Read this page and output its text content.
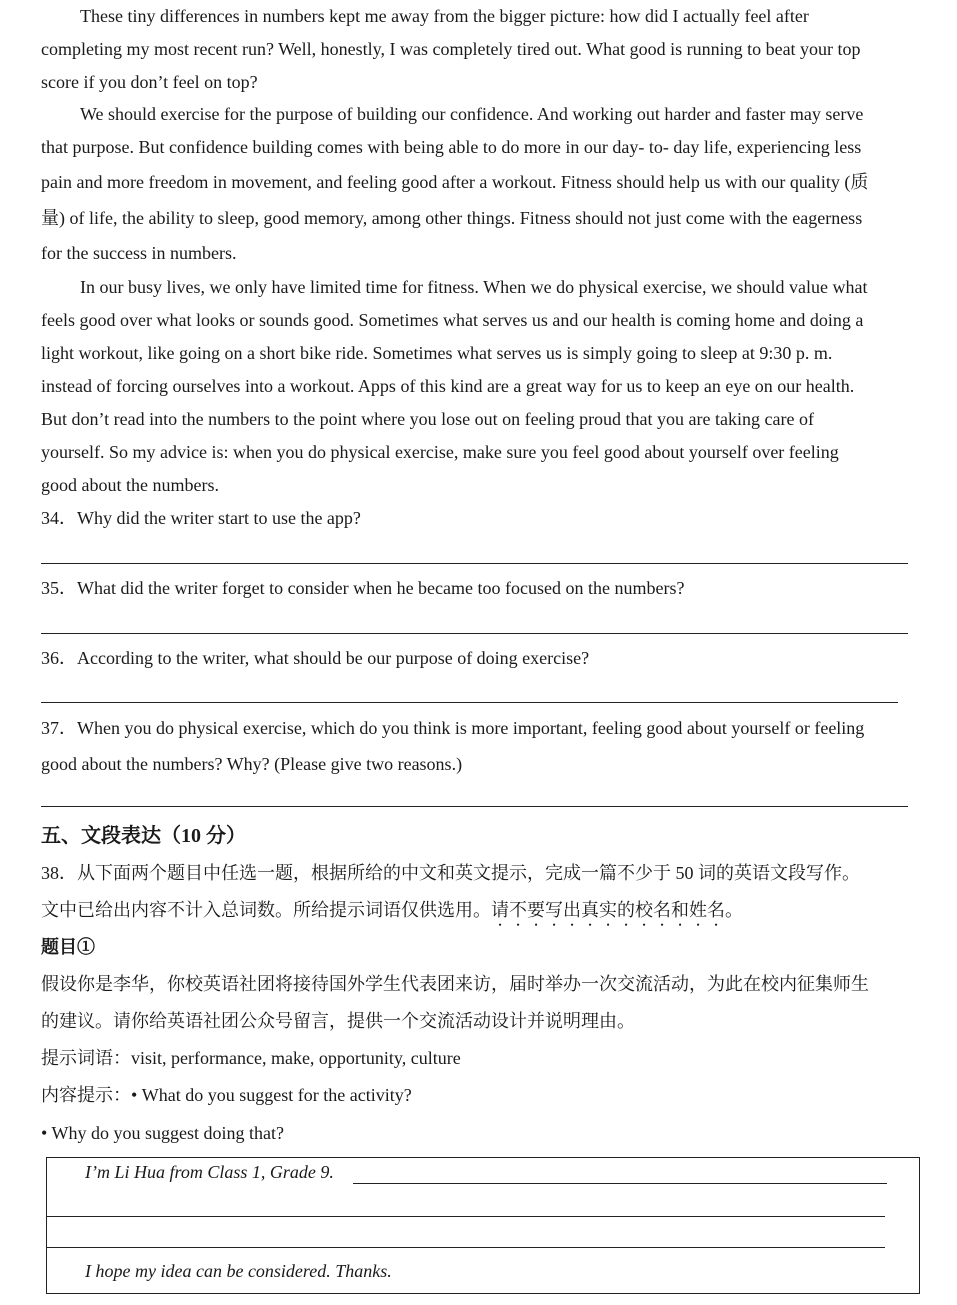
These tiny differences in numbers kept me away from the bigger picture: how did I actually feel after
completing my most recent run? Well, honestly, I was completely tired out. What good is running to beat your top
score if you don’t feel on top?
We should exercise for the purpose of building our confidence. And working out harder and faster may serve
that purpose. But confidence building comes with being able to do more in our day- to- day life, experiencing less
pain and more freedom in movement, and feeling good after a workout. Fitness should help us with our quality (质
量) of life, the ability to sleep, good memory, among other things. Fitness should not just come with the eagerness
for the success in numbers.
In our busy lives, we only have limited time for fitness. When we do physical exercise, we should value what
feels good over what looks or sounds good. Sometimes what serves us and our health is coming home and doing a
light workout, like going on a short bike ride. Sometimes what serves us is simply going to sleep at 9:30 p. m.
instead of forcing ourselves into a workout. Apps of this kind are a great way for us to keep an eye on our health.
But don’t read into the numbers to the point where you lose out on feeling proud that you are taking care of
yourself. So my advice is: when you do physical exercise, make sure you feel good about yourself over feeling
good about the numbers.
34．Why did the writer start to use the app?
35．What did the writer forget to consider when he became too focused on the numbers?
36．According to the writer, what should be our purpose of doing exercise?
37．When you do physical exercise, which do you think is more important, feeling good about yourself or feeling
good about the numbers? Why? (Please give two reasons.)
五、文段表达（10 分）
38．从下面两个题目中任选一题，根据所给的中文和英文提示，完成一篇不少于 50 词的英语文段写作。
文中已给出内容不计入总词数。所给提示词语仅供选用。请不要写出真实的校名和姓名。
题目①
假设你是李华，你校英语社团将接待国外学生代表团来访，届时举办一次交流活动，为此在校内征集师生
的建议。请你给英语社团公众号留言，提供一个交流活动设计并说明理由。
提示词语：visit, performance, make, opportunity, culture
内容提示：• What do you suggest for the activity?
• Why do you suggest doing that?
I’m Li Hua from Class 1, Grade 9.
I hope my idea can be considered. Thanks.
